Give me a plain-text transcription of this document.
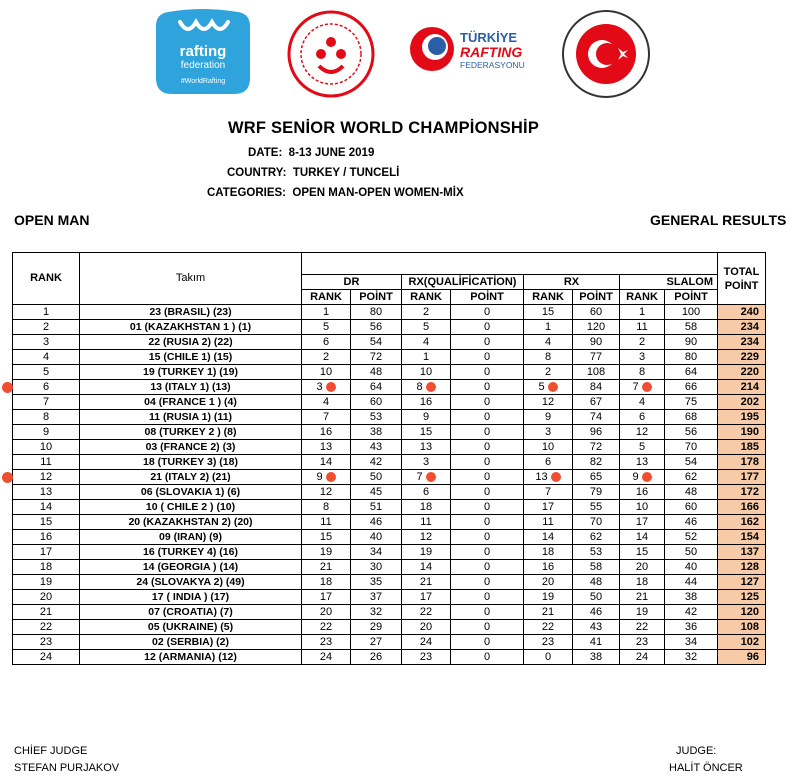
rafting
federation
#WorldRafting
TÜRKİYE
RAFTING
FEDERASYONU
WRF SENİOR WORLD CHAMPİONSHİP
DATE: 8-13 JUNE 2019
COUNTRY: TURKEY / TUNCELİ
CATEGORIES: OPEN MAN-OPEN WOMEN-MİX
OPEN MAN	GENERAL RESULTS
RANK	Takım									TOTAL
POİNT

		DR		RX(QUALİFİCATİON)		RX		SLALOM		
		RANK	POİNT	RANK	POİNT	RANK	POİNT	RANK	POİNT	
1	23 (BRASIL) (23)	1	80	2	0	15	60	1	100	240
2	01 (KAZAKHSTAN 1 ) (1)	5	56	5	0	1	120	11	58	234
3	22 (RUSIA 2) (22)	6	54	4	0	4	90	2	90	234
4	15 (CHILE 1) (15)	2	72	1	0	8	77	3	80	229
5	19 (TURKEY 1) (19)	10	48	10	0	2	108	8	64	220
6	13 (ITALY 1) (13)	3	64	8	0	5	84	7	66	214
7	04 (FRANCE 1 ) (4)	4	60	16	0	12	67	4	75	202
8	11 (RUSIA 1) (11)	7	53	9	0	9	74	6	68	195
9	08 (TURKEY 2 ) (8)	16	38	15	0	3	96	12	56	190
10	03 (FRANCE 2) (3)	13	43	13	0	10	72	5	70	185
11	18 (TURKEY 3) (18)	14	42	3	0	6	82	13	54	178
12	21 (ITALY 2) (21)	9	50	7	0	13	65	9	62	177
13	06 (SLOVAKIA 1) (6)	12	45	6	0	7	79	16	48	172
14	10 ( CHILE 2 ) (10)	8	51	18	0	17	55	10	60	166
15	20 (KAZAKHSTAN 2) (20)	11	46	11	0	11	70	17	46	162
16	09 (IRAN) (9)	15	40	12	0	14	62	14	52	154
17	16 (TURKEY 4) (16)	19	34	19	0	18	53	15	50	137
18	14 (GEORGIA ) (14)	21	30	14	0	16	58	20	40	128
19	24 (SLOVAKYA 2) (49)	18	35	21	0	20	48	18	44	127
20	17 ( INDIA ) (17)	17	37	17	0	19	50	21	38	125
21	07 (CROATIA) (7)	20	32	22	0	21	46	19	42	120
22	05 (UKRAINE) (5)	22	29	20	0	22	43	22	36	108
23	02 (SERBIA) (2)	23	27	24	0	23	41	23	34	102
24	12 (ARMANIA) (12)	24	26	23	0	0	38	24	32	96
CHİEF JUDGE
STEFAN PURJAKOV
JUDGE:
HALİT ÖNCER
